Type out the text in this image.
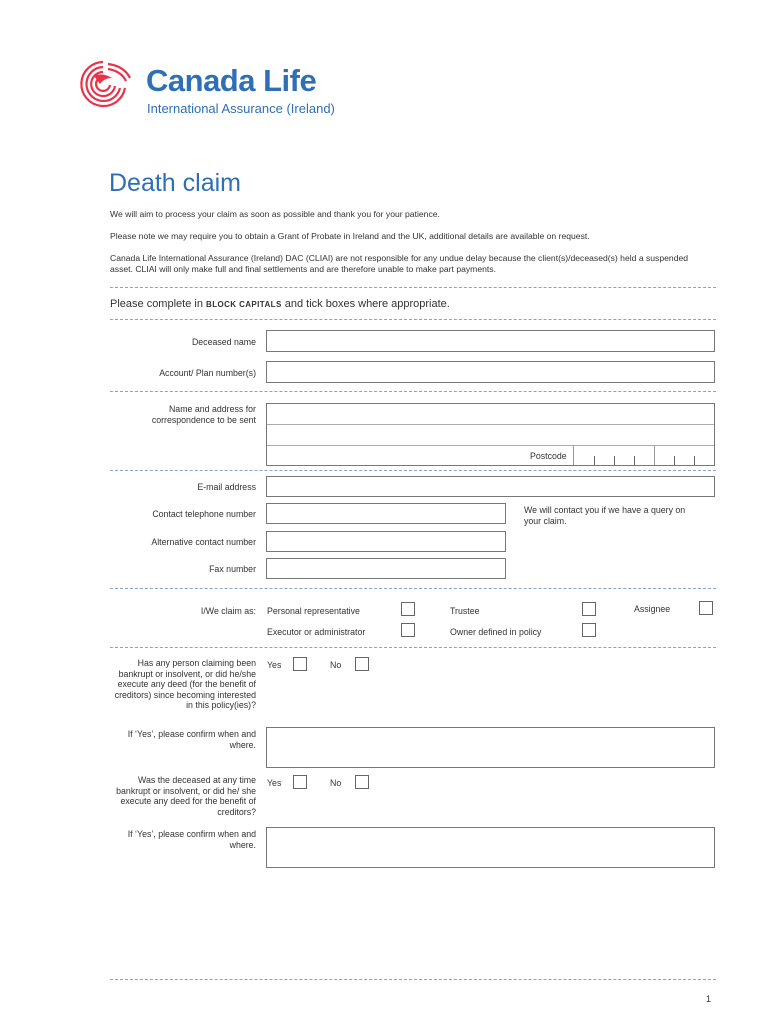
Canada Life
International Assurance (Ireland)
Death claim
We will aim to process your claim as soon as possible and thank you for your patience.
Please note we may require you to obtain a Grant of Probate in Ireland and the UK, additional details are available on request.
Canada Life International Assurance (Ireland) DAC (CLIAI) are not responsible for any undue delay because the client(s)/deceased(s) held a suspended asset. CLIAI will only make full and final settlements and are therefore unable to make part payments.
Please complete in BLOCK CAPITALS and tick boxes where appropriate.
Deceased name
Account/ Plan number(s)
Name and address for correspondence to be sent
Postcode
E-mail address
Contact telephone number	We will contact you if we have a query on your claim.
Alternative contact number
Fax number
I/We claim as: Personal representative	Trustee	Assignee
Executor or administrator	Owner defined in policy
Has any person claiming been bankrupt or insolvent, or did he/she execute any deed (for the benefit of creditors) since becoming interested in this policy(ies)?
Yes	No
If ‘Yes’, please confirm when and where.
Was the deceased at any time bankrupt or insolvent, or did he/ she execute any deed for the benefit of creditors?
Yes	No
If ‘Yes’, please confirm when and where.
1
